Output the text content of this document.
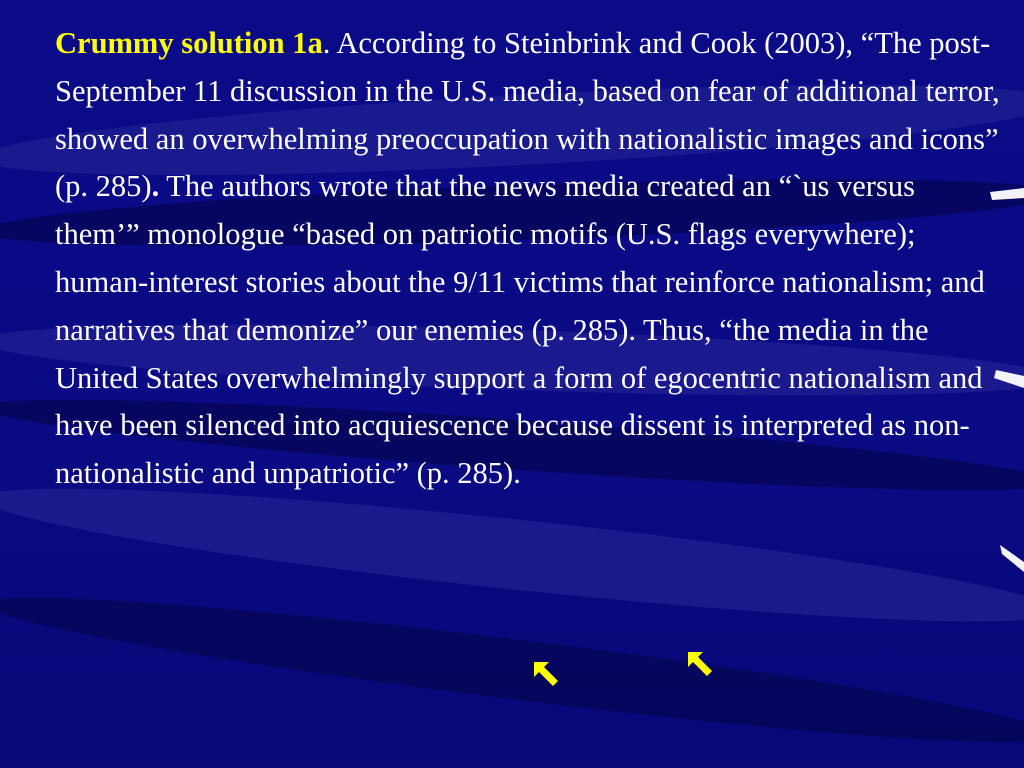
Crummy solution 1a. According to Steinbrink and Cook (2003), “The post-September 11 discussion in the U.S. media, based on fear of additional terror, showed an overwhelming preoccupation with nationalistic images and icons” (p. 285). The authors wrote that the news media created an “`us versus them’” monologue “based on patriotic motifs (U.S. flags everywhere); human-interest stories about the 9/11 victims that reinforce nationalism; and narratives that demonize” our enemies (p. 285). Thus, “the media in the United States overwhelmingly support a form of egocentric nationalism and have been silenced into acquiescence because dissent is interpreted as non-nationalistic and unpatriotic” (p. 285).
